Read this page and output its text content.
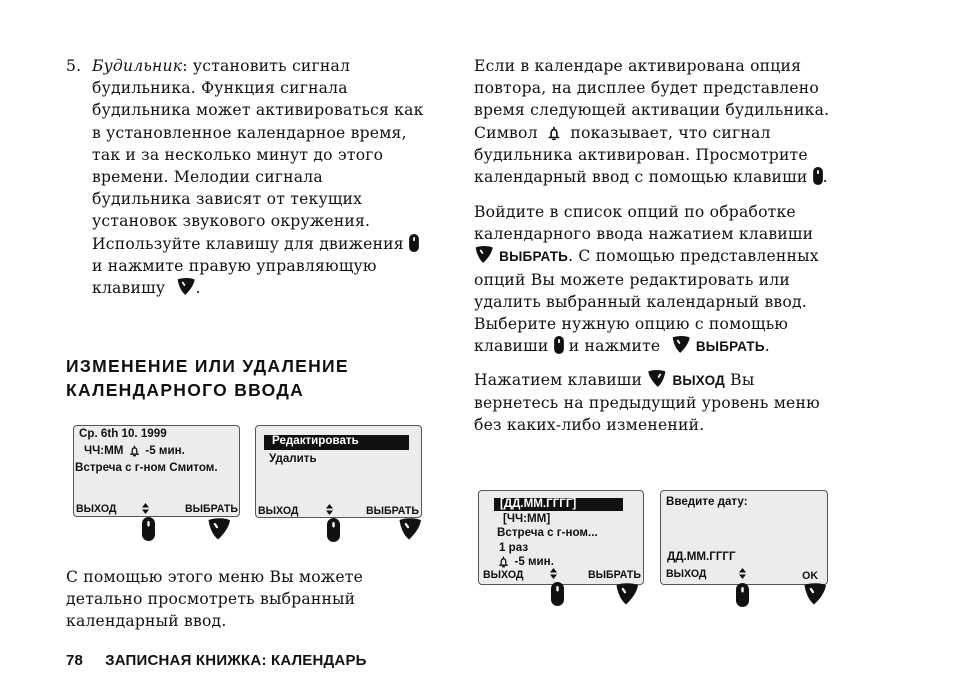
5. Будильник: установить сигнал

будильника. Функция сигнала

будильника может активироваться как

в установленное календарное время,

так и за несколько минут до этого

времени. Мелодии сигнала

будильника зависят от текущих

установок звукового окружения.

Используйте клавишу для движения

и нажмите правую управляющую

клавишу .

ИЗМЕНЕНИЕ ИЛИ УДАЛЕНИЕ
КАЛЕНДАРНОГО ВВОДА
Ср. 6th 10. 1999
ЧЧ:ММ -5 мин.
Встреча с г-ном Смитом.
ВЫХОД	ВЫБРАТЬ
Редактировать
Удалить
ВЫХОД	ВЫБРАТЬ

С помощью этого меню Вы можете

детально просмотреть выбранный

календарный ввод.

78 ЗАПИСНАЯ КНИЖКА: КАЛЕНДАРЬ

Если в календаре активирована опция

повтора, на дисплее будет представлено

время следующей активации будильника.

Символ показывает, что сигнал

будильника активирован. Просмотрите

календарный ввод с помощью клавиши .

Войдите в список опций по обработке

календарного ввода нажатием клавиши

ВЫБРАТЬ. С помощью представленных

опций Вы можете редактировать или

удалить выбранный календарный ввод.

Выберите нужную опцию с помощью

клавиши и нажмите	ВЫБРАТЬ.

Нажатием клавиши ВЫХОД Вы

вернетесь на предыдущий уровень меню

без каких-либо изменений.

[ДД.ММ.ГГГГ]
[ЧЧ:ММ]
Встреча с г-ном...
1 раз
-5 мин.
ВЫХОД	ВЫБРАТЬ
Введите дату:
ДД.ММ.ГГГГ
ВЫХОД	OK
